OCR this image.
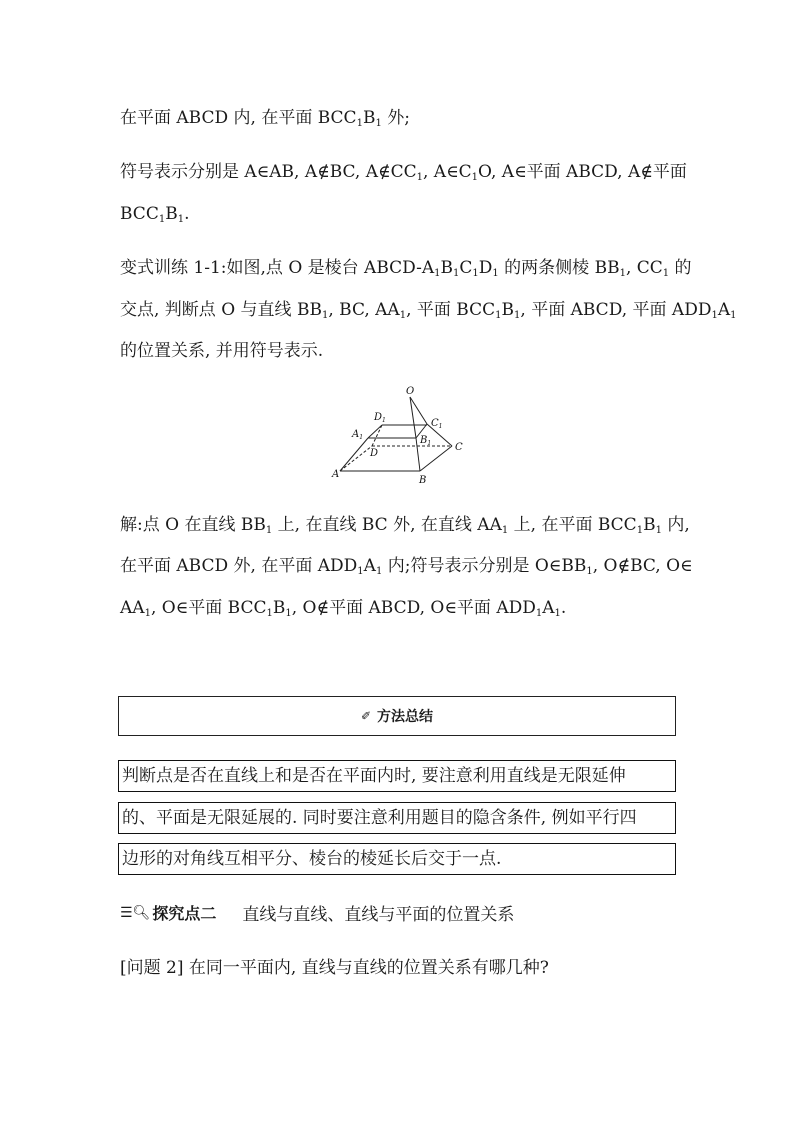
在平面 ABCD 内, 在平面 $BCC_1B_1$ 外;
符号表示分别是 A∈AB, A∉BC, $A\notin CC_1$, $A\in C_1O$, A∈平面 ABCD, A∉平面
$BCC_1B_1$.
变式训练 1-1:如图,点 O 是棱台 ABCD-$A_1B_1C_1D_1$ 的两条侧棱 $BB_1$, $CC_1$ 的
交点, 判断点 O 与直线 $BB_1$, BC, $AA_1$, 平面 $BCC_1B_1$, 平面 ABCD, 平面 $ADD_1A_1$
的位置关系, 并用符号表示.
O
$D_1$	$C_1$
$A_1$	$B_1$
D
C
A
B
解:点 O 在直线 $BB_1$ 上, 在直线 BC 外, 在直线 $AA_1$ 上, 在平面 $BCC_1B_1$ 内,
在平面 ABCD 外, 在平面 $ADD_1A_1$ 内;符号表示分别是 $O\in BB_1$, O∉BC, O∈
$AA_1$, O∈平面 $BCC_1B_1$, O∉平面 ABCD, O∈平面 $ADD_1A_1$.
✐ 方法总结
判断点是否在直线上和是否在平面内时, 要注意利用直线是无限延伸
的、平面是无限延展的. 同时要注意利用题目的隐含条件, 例如平行四
边形的对角线互相平分、棱台的棱延长后交于一点.
☰🔍︎ 探究点二 直线与直线、直线与平面的位置关系
[问题 2] 在同一平面内, 直线与直线的位置关系有哪几种?
